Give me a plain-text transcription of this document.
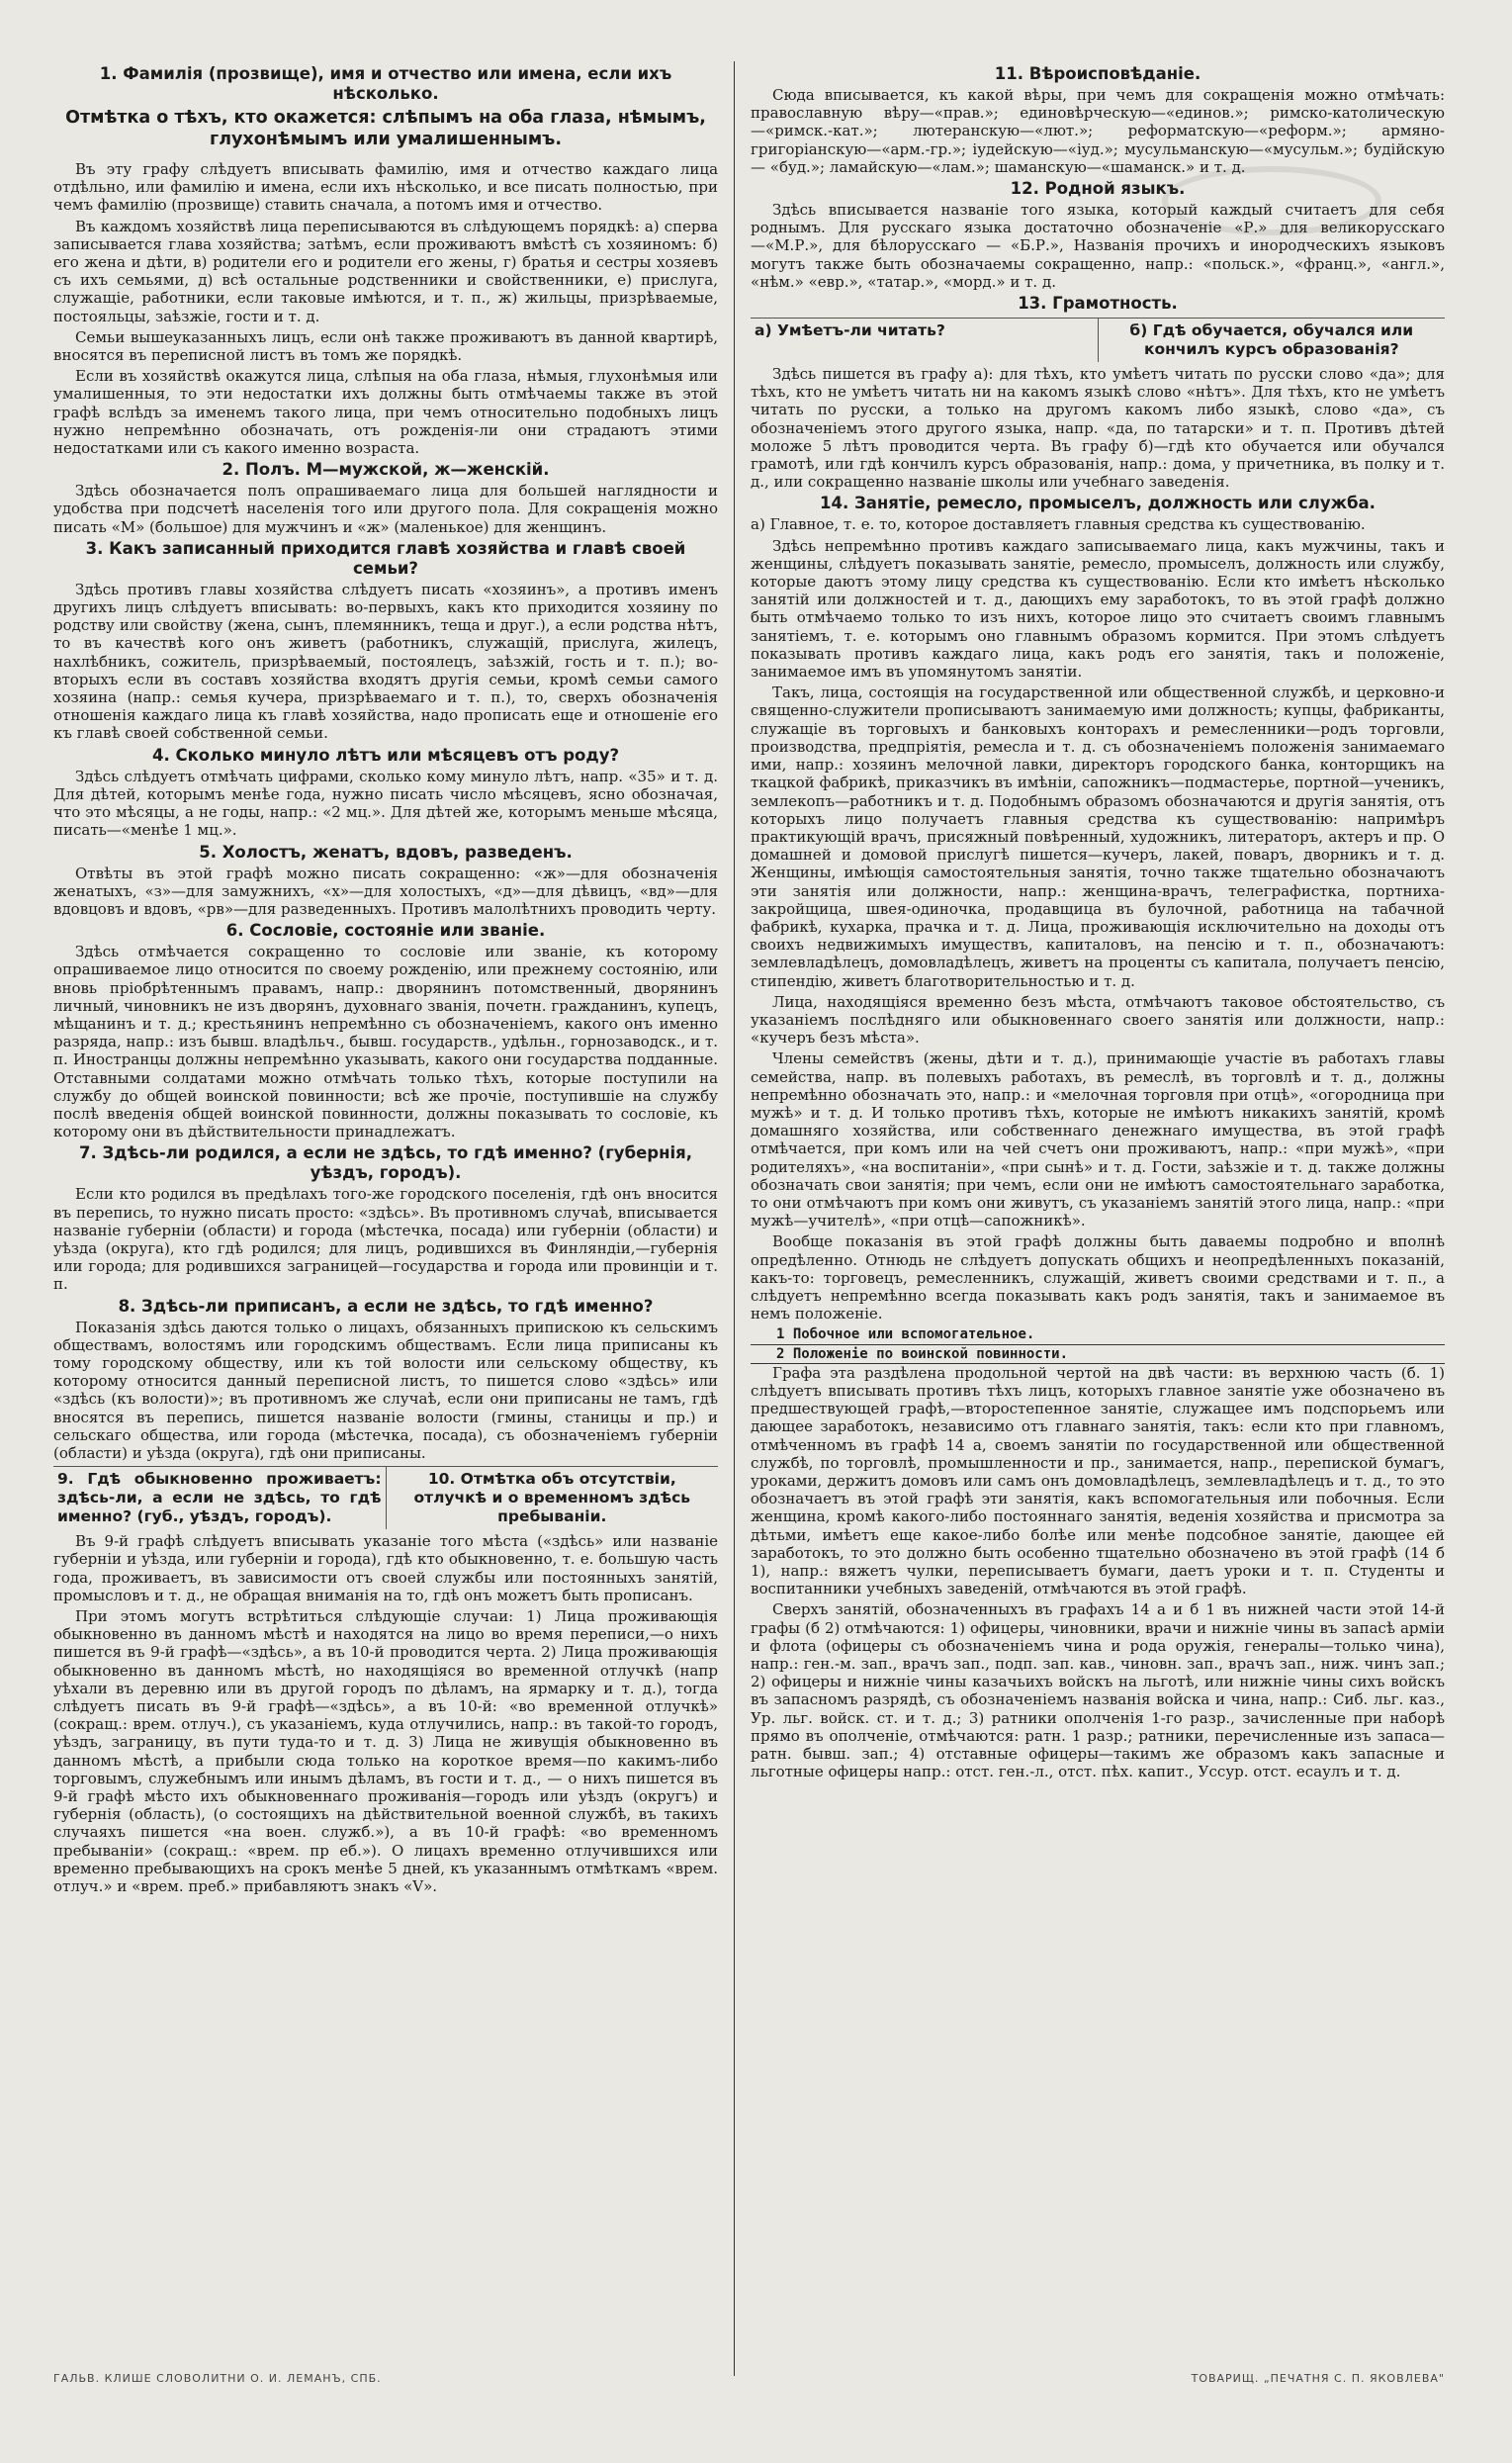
1. Фамилія (прозвище), имя и отчество или имена, если ихъ нѣсколько.
Отмѣтка о тѣхъ, кто окажется: слѣпымъ на оба глаза, нѣмымъ, глухонѣмымъ или умалишеннымъ.

Въ эту графу слѣдуетъ вписывать фамилію, имя и отчество каждаго лица отдѣльно, или фамилію и имена, если ихъ нѣсколько, и все писать полностью, при чемъ фамилію (прозвище) ставить сначала, а потомъ имя и отчество.

Въ каждомъ хозяйствѣ лица переписываются въ слѣдующемъ порядкѣ: а) сперва записывается глава хозяйства; затѣмъ, если проживаютъ вмѣстѣ съ хозяиномъ: б) его жена и дѣти, в) родители его и родители его жены, г) братья и сестры хозяевъ съ ихъ семьями, д) всѣ остальные родственники и свойственники, е) прислуга, служащіе, работники, если таковые имѣются, и т. п., ж) жильцы, призрѣваемые, постояльцы, заѣзжіе, гости и т. д.

Семьи вышеуказанныхъ лицъ, если онѣ также проживаютъ въ данной квартирѣ, вносятся въ переписной листъ въ томъ же порядкѣ.

Если въ хозяйствѣ окажутся лица, слѣпыя на оба глаза, нѣмыя, глухонѣмыя или умалишенныя, то эти недостатки ихъ должны быть отмѣчаемы также въ этой графѣ вслѣдъ за именемъ такого лица, при чемъ относительно подобныхъ лицъ нужно непремѣнно обозначать, отъ рожденія-ли они страдаютъ этими недостатками или съ какого именно возраста.

2. Полъ. М—мужской, ж—женскій.

Здѣсь обозначается полъ опрашиваемаго лица для большей наглядности и удобства при подсчетѣ населенія того или другого пола. Для сокращенія можно писать «М» (большое) для мужчинъ и «ж» (маленькое) для женщинъ.

3. Какъ записанный приходится главѣ хозяйства и главѣ своей семьи?

Здѣсь противъ главы хозяйства слѣдуетъ писать «хозяинъ», а противъ именъ другихъ лицъ слѣдуетъ вписывать: во-первыхъ, какъ кто приходится хозяину по родству или свойству (жена, сынъ, племянникъ, теща и друг.), а если родства нѣтъ, то въ качествѣ кого онъ живетъ (работникъ, служащій, прислуга, жилецъ, нахлѣбникъ, сожитель, призрѣваемый, постоялецъ, заѣзжій, гость и т. п.); во-вторыхъ если въ составъ хозяйства входятъ другія семьи, кромѣ семьи самого хозяина (напр.: семья кучера, призрѣваемаго и т. п.), то, сверхъ обозначенія отношенія каждаго лица къ главѣ хозяйства, надо прописать еще и отношеніе его къ главѣ своей собственной семьи.

4. Сколько минуло лѣтъ или мѣсяцевъ отъ роду?

Здѣсь слѣдуетъ отмѣчать цифрами, сколько кому минуло лѣтъ, напр. «35» и т. д. Для дѣтей, которымъ менѣе года, нужно писать число мѣсяцевъ, ясно обозначая, что это мѣсяцы, а не годы, напр.: «2 мц.». Для дѣтей же, которымъ меньше мѣсяца, писать—«менѣе 1 мц.».

5. Холостъ, женатъ, вдовъ, разведенъ.

Отвѣты въ этой графѣ можно писать сокращенно: «ж»—для обозначенія женатыхъ, «з»—для замужнихъ, «х»—для холостыхъ, «д»—для дѣвицъ, «вд»—для вдовцовъ и вдовъ, «рв»—для разведенныхъ. Противъ малолѣтнихъ проводить черту.

6. Сословіе, состояніе или званіе.

Здѣсь отмѣчается сокращенно то сословіе или званіе, къ которому опрашиваемое лицо относится по своему рожденію, или прежнему состоянію, или вновь пріобрѣтеннымъ правамъ, напр.: дворянинъ потомственный, дворянинъ личный, чиновникъ не изъ дворянъ, духовнаго званія, почетн. гражданинъ, купецъ, мѣщанинъ и т. д.; крестьянинъ непремѣнно съ обозначеніемъ, какого онъ именно разряда, напр.: изъ бывш. владѣльч., бывш. государств., удѣльн., горнозаводск., и т. п. Иностранцы должны непремѣнно указывать, какого они государства подданные. Отставными солдатами можно отмѣчать только тѣхъ, которые поступили на службу до общей воинской повинности; всѣ же прочіе, поступившіе на службу послѣ введенія общей воинской повинности, должны показывать то сословіе, къ которому они въ дѣйствительности принадлежатъ.

7. Здѣсь-ли родился, а если не здѣсь, то гдѣ именно? (губернія, уѣздъ, городъ).

Если кто родился въ предѣлахъ того-же городского поселенія, гдѣ онъ вносится въ перепись, то нужно писать просто: «здѣсь». Въ противномъ случаѣ, вписывается названіе губерніи (области) и города (мѣстечка, посада) или губерніи (области) и уѣзда (округа), кто гдѣ родился; для лицъ, родившихся въ Финляндіи,—губернія или города; для родившихся заграницей—государства и города или провинціи и т. п.

8. Здѣсь-ли приписанъ, а если не здѣсь, то гдѣ именно?

Показанія здѣсь даются только о лицахъ, обязанныхъ припискою къ сельскимъ обществамъ, волостямъ или городскимъ обществамъ. Если лица приписаны къ тому городскому обществу, или къ той волости или сельскому обществу, къ которому относится данный переписной листъ, то пишется слово «здѣсь» или «здѣсь (къ волости)»; въ противномъ же случаѣ, если они приписаны не тамъ, гдѣ вносятся въ перепись, пишется названіе волости (гмины, станицы и пр.) и сельскаго общества, или города (мѣстечка, посада), съ обозначеніемъ губерніи (области) и уѣзда (округа), гдѣ они приписаны.

9. Гдѣ обыкновенно проживаетъ: здѣсь-ли, а если не здѣсь, то гдѣ именно? (губ., уѣздъ, городъ).
10. Отмѣтка объ отсутствіи, отлучкѣ и о временномъ здѣсь пребываніи.

Въ 9-й графѣ слѣдуетъ вписывать указаніе того мѣста («здѣсь» или названіе губерніи и уѣзда, или губерніи и города), гдѣ кто обыкновенно, т. е. большую часть года, проживаетъ, въ зависимости отъ своей службы или постоянныхъ занятій, промысловъ и т. д., не обращая вниманія на то, гдѣ онъ можетъ быть прописанъ.

При этомъ могутъ встрѣтиться слѣдующіе случаи: 1) Лица проживающія обыкновенно въ данномъ мѣстѣ и находятся на лицо во время переписи,—о нихъ пишется въ 9-й графѣ—«здѣсь», а въ 10-й проводится черта. 2) Лица проживающія обыкновенно въ данномъ мѣстѣ, но находящіяся во временной отлучкѣ (напр уѣхали въ деревню или въ другой городъ по дѣламъ, на ярмарку и т. д.), тогда слѣдуетъ писать въ 9-й графѣ—«здѣсь», а въ 10-й: «во временной отлучкѣ» (сокращ.: врем. отлуч.), съ указаніемъ, куда отлучились, напр.: въ такой-то городъ, уѣздъ, заграницу, въ пути туда-то и т. д. 3) Лица не живущія обыкновенно въ данномъ мѣстѣ, а прибыли сюда только на короткое время—по какимъ-либо торговымъ, служебнымъ или инымъ дѣламъ, въ гости и т. д., — о нихъ пишется въ 9-й графѣ мѣсто ихъ обыкновеннаго проживанія—городъ или уѣздъ (округъ) и губернія (область), (о состоящихъ на дѣйствительной военной службѣ, въ такихъ случаяхъ пишется «на воен. служб.»), а въ 10-й графѣ: «во временномъ пребываніи» (сокращ.: «врем. пр еб.»). О лицахъ временно отлучившихся или временно пребывающихъ на срокъ менѣе 5 дней, къ указаннымъ отмѣткамъ «врем. отлуч.» и «врем. преб.» прибавляютъ знакъ «V».

11. Вѣроисповѣданіе.

Сюда вписывается, къ какой вѣры, при чемъ для сокращенія можно отмѣчать: православную вѣру—«прав.»; единовѣрческую—«единов.»; римско-католическую—«римск.-кат.»; лютеранскую—«лют.»; реформатскую—«реформ.»; армяно-григоріанскую—«арм.-гр.»; іудейскую—«іуд.»; мусульманскую—«мусульм.»; будійскую — «буд.»; ламайскую—«лам.»; шаманскую—«шаманск.» и т. д.

12. Родной языкъ.

Здѣсь вписывается названіе того языка, который каждый считаетъ для себя роднымъ. Для русскаго языка достаточно обозначеніе «Р.» для великорусскаго—«М.Р.», для бѣлорусскаго — «Б.Р.», Названія прочихъ и инородческихъ языковъ могутъ также быть обозначаемы сокращенно, напр.: «польск.», «франц.», «англ.», «нѣм.» «евр.», «татар.», «морд.» и т. д.

13. Грамотность.
а) Умѣетъ-ли читать?	б) Гдѣ обучается, обучался или кончилъ курсъ образованія?

Здѣсь пишется въ графу а): для тѣхъ, кто умѣетъ читать по русски слово «да»; для тѣхъ, кто не умѣетъ читать ни на какомъ языкѣ слово «нѣтъ». Для тѣхъ, кто не умѣетъ читать по русски, а только на другомъ какомъ либо языкѣ, слово «да», съ обозначеніемъ этого другого языка, напр. «да, по татарски» и т. п. Противъ дѣтей моложе 5 лѣтъ проводится черта. Въ графу б)—гдѣ кто обучается или обучался грамотѣ, или гдѣ кончилъ курсъ образованія, напр.: дома, у причетника, въ полку и т. д., или сокращенно названіе школы или учебнаго заведенія.

14. Занятіе, ремесло, промыселъ, должность или служба.

а) Главное, т. е. то, которое доставляетъ главныя средства къ существованію.

Здѣсь непремѣнно противъ каждаго записываемаго лица, какъ мужчины, такъ и женщины, слѣдуетъ показывать занятіе, ремесло, промыселъ, должность или службу, которые даютъ этому лицу средства къ существованію. Если кто имѣетъ нѣсколько занятій или должностей и т. д., дающихъ ему заработокъ, то въ этой графѣ должно быть отмѣчаемо только то изъ нихъ, которое лицо это считаетъ своимъ главнымъ занятіемъ, т. е. которымъ оно главнымъ образомъ кормится. При этомъ слѣдуетъ показывать противъ каждаго лица, какъ родъ его занятія, такъ и положеніе, занимаемое имъ въ упомянутомъ занятіи.

Такъ, лица, состоящія на государственной или общественной службѣ, и церковно-и священно-служители прописываютъ занимаемую ими должность; купцы, фабриканты, служащіе въ торговыхъ и банковыхъ конторахъ и ремесленники—родъ торговли, производства, предпріятія, ремесла и т. д. съ обозначеніемъ положенія занимаемаго ими, напр.: хозяинъ мелочной лавки, директоръ городского банка, конторщикъ на ткацкой фабрикѣ, приказчикъ въ имѣніи, сапожникъ—подмастерье, портной—ученикъ, землекопъ—работникъ и т. д. Подобнымъ образомъ обозначаются и другія занятія, отъ которыхъ лицо получаетъ главныя средства къ существованію: напримѣръ практикующій врачъ, присяжный повѣренный, художникъ, литераторъ, актеръ и пр. О домашней и домовой прислугѣ пишется—кучеръ, лакей, поваръ, дворникъ и т. д. Женщины, имѣющія самостоятельныя занятія, точно также тщательно обозначаютъ эти занятія или должности, напр.: женщина-врачъ, телеграфистка, портниха-закройщица, швея-одиночка, продавщица въ булочной, работница на табачной фабрикѣ, кухарка, прачка и т. д. Лица, проживающія исключительно на доходы отъ своихъ недвижимыхъ имуществъ, капиталовъ, на пенсію и т. п., обозначаютъ: землевладѣлецъ, домовладѣлецъ, живетъ на проценты съ капитала, получаетъ пенсію, стипендію, живетъ благотворительностью и т. д.

Лица, находящіяся временно безъ мѣста, отмѣчаютъ таковое обстоятельство, съ указаніемъ послѣдняго или обыкновеннаго своего занятія или должности, напр.: «кучеръ безъ мѣста».

Члены семействъ (жены, дѣти и т. д.), принимающіе участіе въ работахъ главы семейства, напр. въ полевыхъ работахъ, въ ремеслѣ, въ торговлѣ и т. д., должны непремѣнно обозначать это, напр.: и «мелочная торговля при отцѣ», «огородница при мужѣ» и т. д. И только противъ тѣхъ, которые не имѣютъ никакихъ занятій, кромѣ домашняго хозяйства, или собственнаго денежнаго имущества, въ этой графѣ отмѣчается, при комъ или на чей счетъ они проживаютъ, напр.: «при мужѣ», «при родителяхъ», «на воспитаніи», «при сынѣ» и т. д. Гости, заѣзжіе и т. д. также должны обозначать свои занятія; при чемъ, если они не имѣютъ самостоятельнаго заработка, то они отмѣчаютъ при комъ они живутъ, съ указаніемъ занятій этого лица, напр.: «при мужѣ—учителѣ», «при отцѣ—сапожникѣ».

Вообще показанія въ этой графѣ должны быть даваемы подробно и вполнѣ опредѣленно. Отнюдь не слѣдуетъ допускать общихъ и неопредѣленныхъ показаній, какъ-то: торговецъ, ремесленникъ, служащій, живетъ своими средствами и т. п., а слѣдуетъ непремѣнно всегда показывать какъ родъ занятія, такъ и занимаемое въ немъ положеніе.

1 Побочное или вспомогательное.
2 Положеніе по воинской повинности.

Графа эта раздѣлена продольной чертой на двѣ части: въ верхнюю часть (б. 1) слѣдуетъ вписывать противъ тѣхъ лицъ, которыхъ главное занятіе уже обозначено въ предшествующей графѣ,—второстепенное занятіе, служащее имъ подспорьемъ или дающее заработокъ, независимо отъ главнаго занятія, такъ: если кто при главномъ, отмѣченномъ въ графѣ 14 а, своемъ занятіи по государственной или общественной службѣ, по торговлѣ, промышленности и пр., занимается, напр., перепиской бумагъ, уроками, держитъ домовъ или самъ онъ домовладѣлецъ, землевладѣлецъ и т. д., то это обозначаетъ въ этой графѣ эти занятія, какъ вспомогательныя или побочныя. Если женщина, кромѣ какого-либо постояннаго занятія, веденія хозяйства и присмотра за дѣтьми, имѣетъ еще какое-либо болѣе или менѣе подсобное занятіе, дающее ей заработокъ, то это должно быть особенно тщательно обозначено въ этой графѣ (14 б 1), напр.: вяжетъ чулки, переписываетъ бумаги, даетъ уроки и т. п. Студенты и воспитанники учебныхъ заведеній, отмѣчаются въ этой графѣ.

Сверхъ занятій, обозначенныхъ въ графахъ 14 а и б 1 въ нижней части этой 14-й графы (б 2) отмѣчаются: 1) офицеры, чиновники, врачи и нижніе чины въ запасѣ арміи и флота (офицеры съ обозначеніемъ чина и рода оружія, генералы—только чина), напр.: ген.-м. зап., врачъ зап., подп. зап. кав., чиновн. зап., врачъ зап., ниж. чинъ зап.; 2) офицеры и нижніе чины казачьихъ войскъ на льготѣ, или нижніе чины сихъ войскъ въ запасномъ разрядѣ, съ обозначеніемъ названія войска и чина, напр.: Сиб. льг. каз., Ур. льг. войск. ст. и т. д.; 3) ратники ополченія 1-го разр., зачисленные при наборѣ прямо въ ополченіе, отмѣчаются: ратн. 1 разр.; ратники, перечисленные изъ запаса—ратн. бывш. зап.; 4) отставные офицеры—такимъ же образомъ какъ запасные и льготные офицеры напр.: отст. ген.-л., отст. пѣх. капит., Уссур. отст. есаулъ и т. д.

ГАЛЬВ. КЛИШЕ СЛОВОЛИТНИ О. И. ЛЕМАНЪ, СПБ.	ТОВАРИЩ. „ПЕЧАТНЯ С. П. ЯКОВЛЕВА"
